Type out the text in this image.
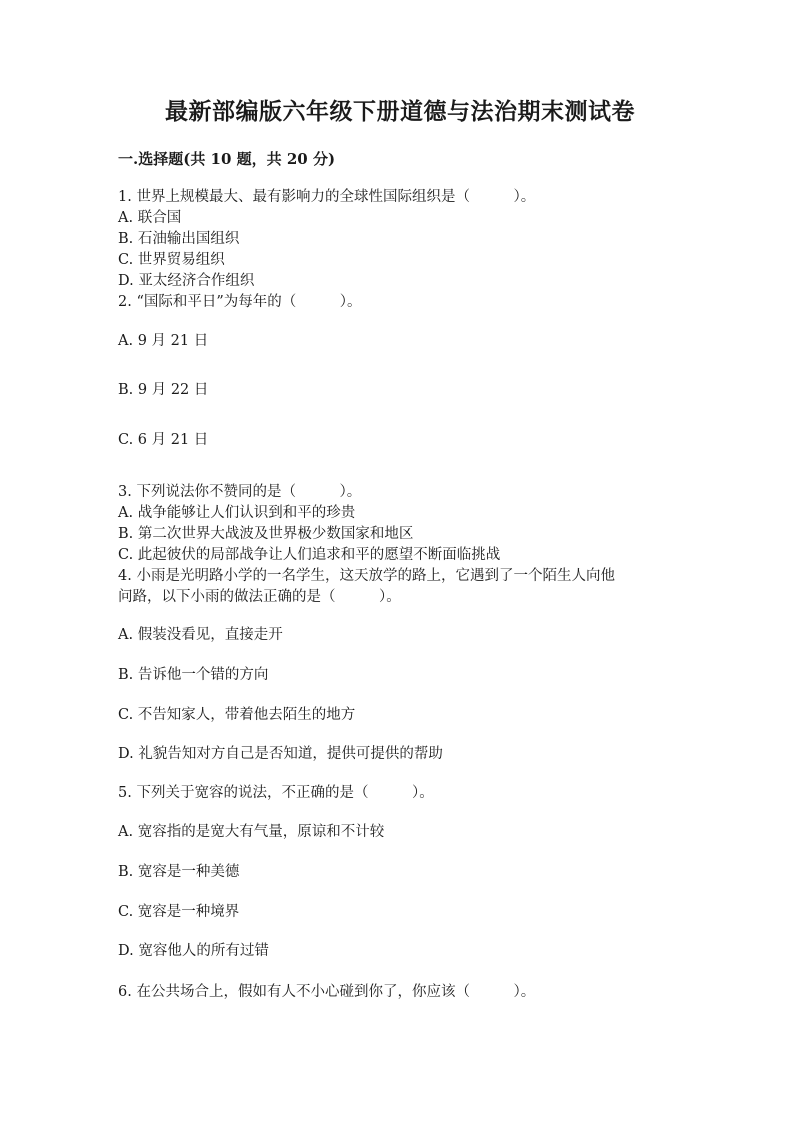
最新部编版六年级下册道德与法治期末测试卷
一.选择题(共 10 题，共 20 分)
1. 世界上规模最大、最有影响力的全球性国际组织是（　　　）。
A. 联合国
B. 石油输出国组织
C. 世界贸易组织
D. 亚太经济合作组织
2. “国际和平日”为每年的（　　　）。
A. 9 月 21 日
B. 9 月 22 日
C. 6 月 21 日
3. 下列说法你不赞同的是（　　　）。
A. 战争能够让人们认识到和平的珍贵
B. 第二次世界大战波及世界极少数国家和地区
C. 此起彼伏的局部战争让人们追求和平的愿望不断面临挑战
4. 小雨是光明路小学的一名学生，这天放学的路上，它遇到了一个陌生人向他
问路，以下小雨的做法正确的是（　　　）。
A. 假装没看见，直接走开
B. 告诉他一个错的方向
C. 不告知家人，带着他去陌生的地方
D. 礼貌告知对方自己是否知道，提供可提供的帮助
5. 下列关于宽容的说法，不正确的是（　　　）。
A. 宽容指的是宽大有气量，原谅和不计较
B. 宽容是一种美德
C. 宽容是一种境界
D. 宽容他人的所有过错
6. 在公共场合上，假如有人不小心碰到你了，你应该（　　　）。
